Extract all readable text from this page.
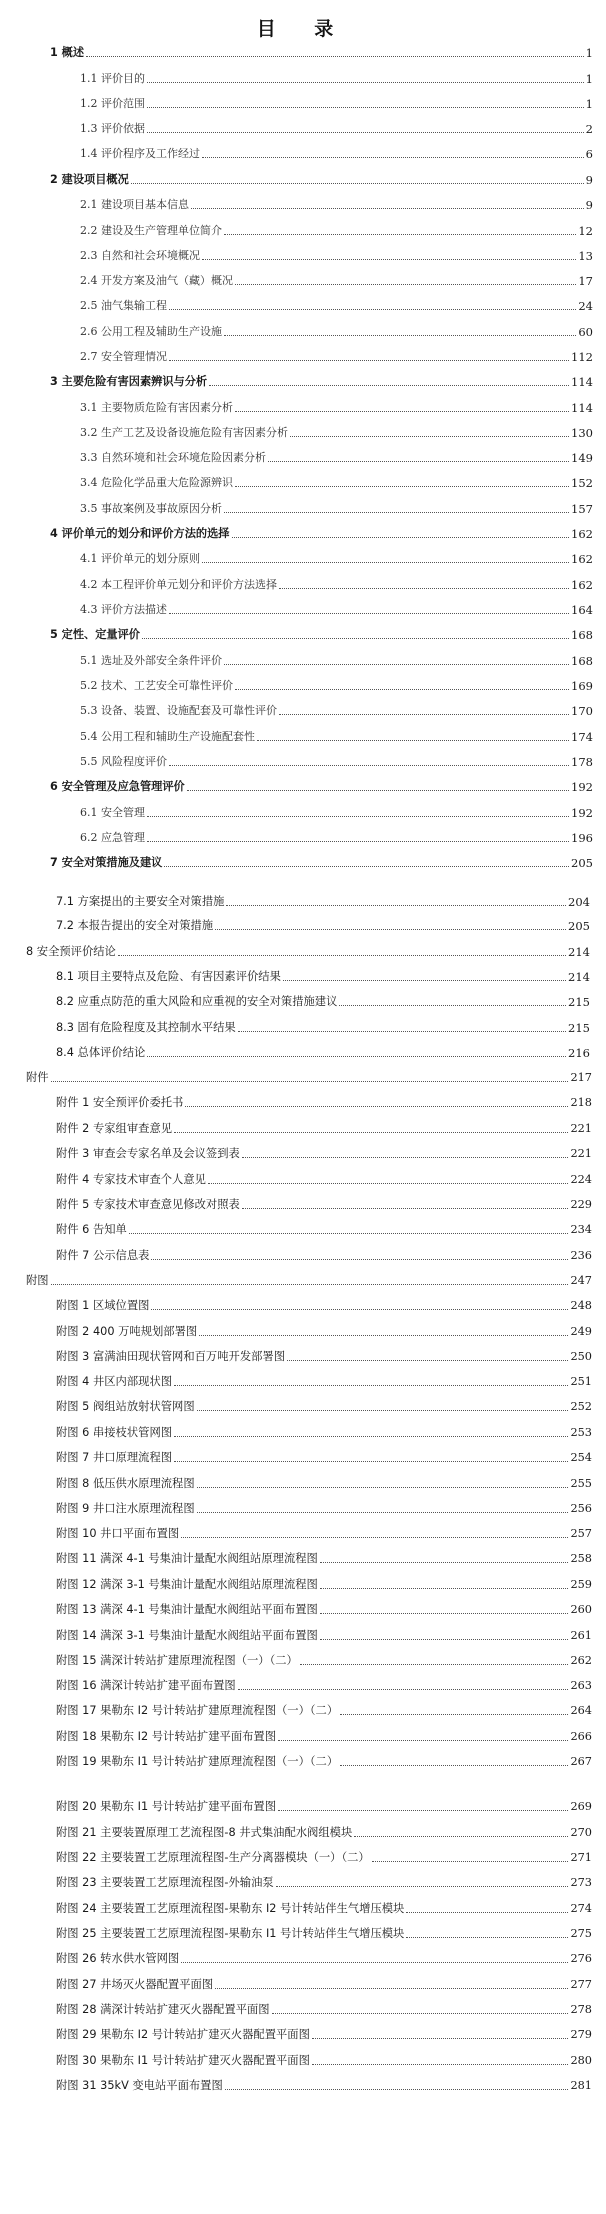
目 录
1 概述	1
1.1 评价目的	1
1.2 评价范围	1
1.3 评价依据	2
1.4 评价程序及工作经过	6
2 建设项目概况	9
2.1 建设项目基本信息	9
2.2 建设及生产管理单位简介	12
2.3 自然和社会环境概况	13
2.4 开发方案及油气（藏）概况	17
2.5 油气集输工程	24
2.6 公用工程及辅助生产设施	60
2.7 安全管理情况	112
3 主要危险有害因素辨识与分析	114
3.1 主要物质危险有害因素分析	114
3.2 生产工艺及设备设施危险有害因素分析	130
3.3 自然环境和社会环境危险因素分析	149
3.4 危险化学品重大危险源辨识	152
3.5 事故案例及事故原因分析	157
4 评价单元的划分和评价方法的选择	162
4.1 评价单元的划分原则	162
4.2 本工程评价单元划分和评价方法选择	162
4.3 评价方法描述	164
5 定性、定量评价	168
5.1 选址及外部安全条件评价	168
5.2 技术、工艺安全可靠性评价	169
5.3 设备、装置、设施配套及可靠性评价	170
5.4 公用工程和辅助生产设施配套性	174
5.5 风险程度评价	178
6 安全管理及应急管理评价	192
6.1 安全管理	192
6.2 应急管理	196
7 安全对策措施及建议	205
7.1 方案提出的主要安全对策措施	204
7.2 本报告提出的安全对策措施	205
8 安全预评价结论	214
8.1 项目主要特点及危险、有害因素评价结果	214
8.2 应重点防范的重大风险和应重视的安全对策措施建议	215
8.3 固有危险程度及其控制水平结果	215
8.4 总体评价结论	216
附件	217
附件 1 安全预评价委托书	218
附件 2 专家组审查意见	221
附件 3 审查会专家名单及会议签到表	221
附件 4 专家技术审查个人意见	224
附件 5 专家技术审查意见修改对照表	229
附件 6 告知单	234
附件 7 公示信息表	236
附图	247
附图 1 区域位置图	248
附图 2 400 万吨规划部署图	249
附图 3 富满油田现状管网和百万吨开发部署图	250
附图 4 井区内部现状图	251
附图 5 阀组站放射状管网图	252
附图 6 串接枝状管网图	253
附图 7 井口原理流程图	254
附图 8 低压供水原理流程图	255
附图 9 井口注水原理流程图	256
附图 10 井口平面布置图	257
附图 11 满深 4-1 号集油计量配水阀组站原理流程图	258
附图 12 满深 3-1 号集油计量配水阀组站原理流程图	259
附图 13 满深 4-1 号集油计量配水阀组站平面布置图	260
附图 14 满深 3-1 号集油计量配水阀组站平面布置图	261
附图 15 满深计转站扩建原理流程图（一）（二）	262
附图 16 满深计转站扩建平面布置图	263
附图 17 果勒东 I2 号计转站扩建原理流程图（一）（二）	264
附图 18 果勒东 I2 号计转站扩建平面布置图	266
附图 19 果勒东 I1 号计转站扩建原理流程图（一）（二）	267
附图 20 果勒东 I1 号计转站扩建平面布置图	269
附图 21 主要装置原理工艺流程图-8 井式集油配水阀组模块	270
附图 22 主要装置工艺原理流程图-生产分离器模块（一）（二）	271
附图 23 主要装置工艺原理流程图-外输油泵	273
附图 24 主要装置工艺原理流程图-果勒东 I2 号计转站伴生气增压模块	274
附图 25 主要装置工艺原理流程图-果勒东 I1 号计转站伴生气增压模块	275
附图 26 转水供水管网图	276
附图 27 井场灭火器配置平面图	277
附图 28 满深计转站扩建灭火器配置平面图	278
附图 29 果勒东 I2 号计转站扩建灭火器配置平面图	279
附图 30 果勒东 I1 号计转站扩建灭火器配置平面图	280
附图 31 35kV 变电站平面布置图	281
